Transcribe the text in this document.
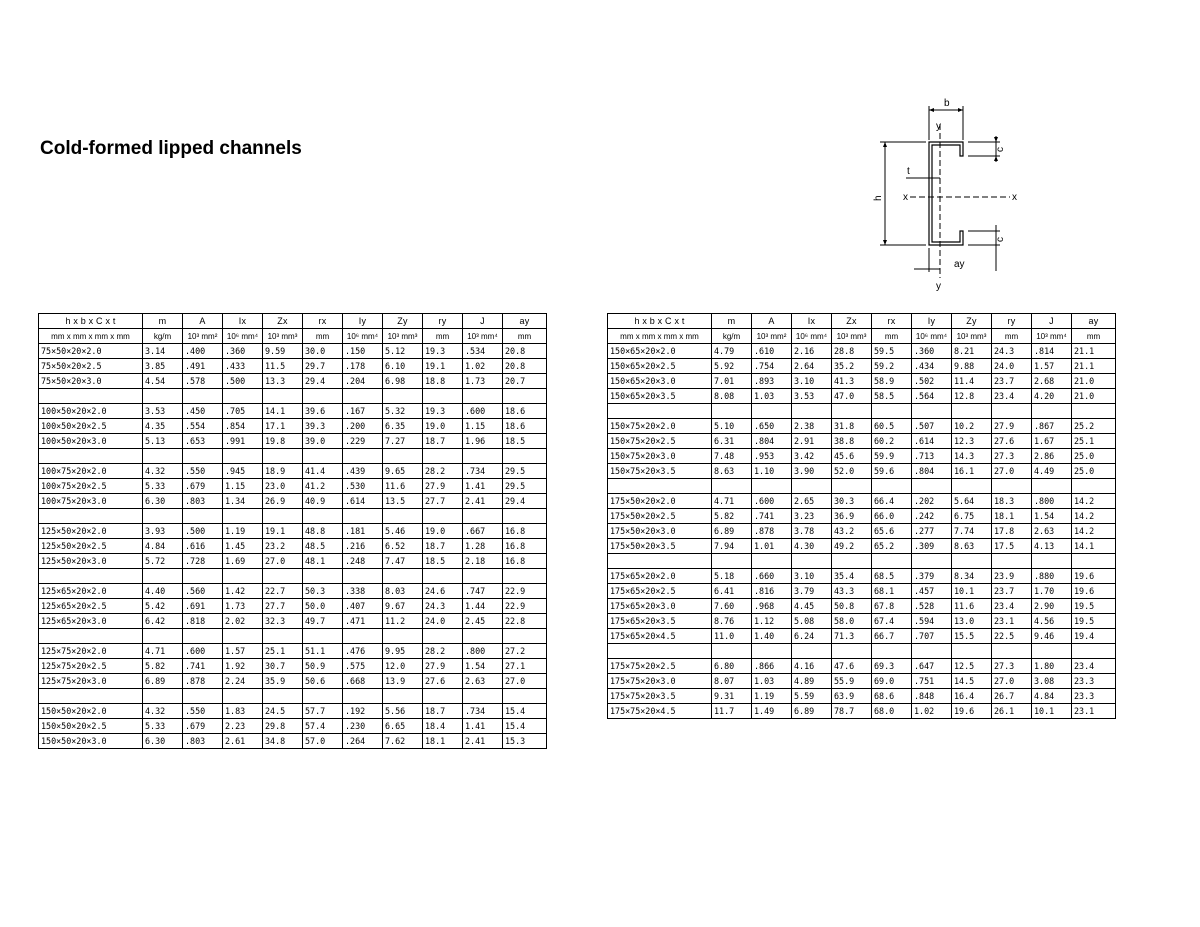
Cold-formed lipped channels
b
y
c
t
h x	x
c
ay
y
h x b x C x t	m	A	Ix	Zx	rx	Iy	Zy	ry	J	ay
mm x mm x mm x mm	kg/m	10³ mm²	10⁶ mm⁴	10³ mm³	mm	10⁶ mm⁴	10³ mm³	mm	10³ mm⁴	mm
75×50×20×2.0	3.14	.400	.360	9.59	30.0	.150	5.12	19.3	.534	20.8
75×50×20×2.5	3.85	.491	.433	11.5	29.7	.178	6.10	19.1	1.02	20.8
75×50×20×3.0	4.54	.578	.500	13.3	29.4	.204	6.98	18.8	1.73	20.7

100×50×20×2.0	3.53	.450	.705	14.1	39.6	.167	5.32	19.3	.600	18.6
100×50×20×2.5	4.35	.554	.854	17.1	39.3	.200	6.35	19.0	1.15	18.6
100×50×20×3.0	5.13	.653	.991	19.8	39.0	.229	7.27	18.7	1.96	18.5

100×75×20×2.0	4.32	.550	.945	18.9	41.4	.439	9.65	28.2	.734	29.5
100×75×20×2.5	5.33	.679	1.15	23.0	41.2	.530	11.6	27.9	1.41	29.5
100×75×20×3.0	6.30	.803	1.34	26.9	40.9	.614	13.5	27.7	2.41	29.4

125×50×20×2.0	3.93	.500	1.19	19.1	48.8	.181	5.46	19.0	.667	16.8
125×50×20×2.5	4.84	.616	1.45	23.2	48.5	.216	6.52	18.7	1.28	16.8
125×50×20×3.0	5.72	.728	1.69	27.0	48.1	.248	7.47	18.5	2.18	16.8

125×65×20×2.0	4.40	.560	1.42	22.7	50.3	.338	8.03	24.6	.747	22.9
125×65×20×2.5	5.42	.691	1.73	27.7	50.0	.407	9.67	24.3	1.44	22.9
125×65×20×3.0	6.42	.818	2.02	32.3	49.7	.471	11.2	24.0	2.45	22.8

125×75×20×2.0	4.71	.600	1.57	25.1	51.1	.476	9.95	28.2	.800	27.2
125×75×20×2.5	5.82	.741	1.92	30.7	50.9	.575	12.0	27.9	1.54	27.1
125×75×20×3.0	6.89	.878	2.24	35.9	50.6	.668	13.9	27.6	2.63	27.0

150×50×20×2.0	4.32	.550	1.83	24.5	57.7	.192	5.56	18.7	.734	15.4
150×50×20×2.5	5.33	.679	2.23	29.8	57.4	.230	6.65	18.4	1.41	15.4
150×50×20×3.0	6.30	.803	2.61	34.8	57.0	.264	7.62	18.1	2.41	15.3
h x b x C x t	m	A	Ix	Zx	rx	Iy	Zy	ry	J	ay
mm x mm x mm x mm	kg/m	10³ mm²	10⁶ mm⁴	10³ mm³	mm	10⁶ mm⁴	10³ mm³	mm	10³ mm⁴	mm
150×65×20×2.0	4.79	.610	2.16	28.8	59.5	.360	8.21	24.3	.814	21.1
150×65×20×2.5	5.92	.754	2.64	35.2	59.2	.434	9.88	24.0	1.57	21.1
150×65×20×3.0	7.01	.893	3.10	41.3	58.9	.502	11.4	23.7	2.68	21.0
150×65×20×3.5	8.08	1.03	3.53	47.0	58.5	.564	12.8	23.4	4.20	21.0

150×75×20×2.0	5.10	.650	2.38	31.8	60.5	.507	10.2	27.9	.867	25.2
150×75×20×2.5	6.31	.804	2.91	38.8	60.2	.614	12.3	27.6	1.67	25.1
150×75×20×3.0	7.48	.953	3.42	45.6	59.9	.713	14.3	27.3	2.86	25.0
150×75×20×3.5	8.63	1.10	3.90	52.0	59.6	.804	16.1	27.0	4.49	25.0

175×50×20×2.0	4.71	.600	2.65	30.3	66.4	.202	5.64	18.3	.800	14.2
175×50×20×2.5	5.82	.741	3.23	36.9	66.0	.242	6.75	18.1	1.54	14.2
175×50×20×3.0	6.89	.878	3.78	43.2	65.6	.277	7.74	17.8	2.63	14.2
175×50×20×3.5	7.94	1.01	4.30	49.2	65.2	.309	8.63	17.5	4.13	14.1

175×65×20×2.0	5.18	.660	3.10	35.4	68.5	.379	8.34	23.9	.880	19.6
175×65×20×2.5	6.41	.816	3.79	43.3	68.1	.457	10.1	23.7	1.70	19.6
175×65×20×3.0	7.60	.968	4.45	50.8	67.8	.528	11.6	23.4	2.90	19.5
175×65×20×3.5	8.76	1.12	5.08	58.0	67.4	.594	13.0	23.1	4.56	19.5
175×65×20×4.5	11.0	1.40	6.24	71.3	66.7	.707	15.5	22.5	9.46	19.4

175×75×20×2.5	6.80	.866	4.16	47.6	69.3	.647	12.5	27.3	1.80	23.4
175×75×20×3.0	8.07	1.03	4.89	55.9	69.0	.751	14.5	27.0	3.08	23.3
175×75×20×3.5	9.31	1.19	5.59	63.9	68.6	.848	16.4	26.7	4.84	23.3
175×75×20×4.5	11.7	1.49	6.89	78.7	68.0	1.02	19.6	26.1	10.1	23.1
